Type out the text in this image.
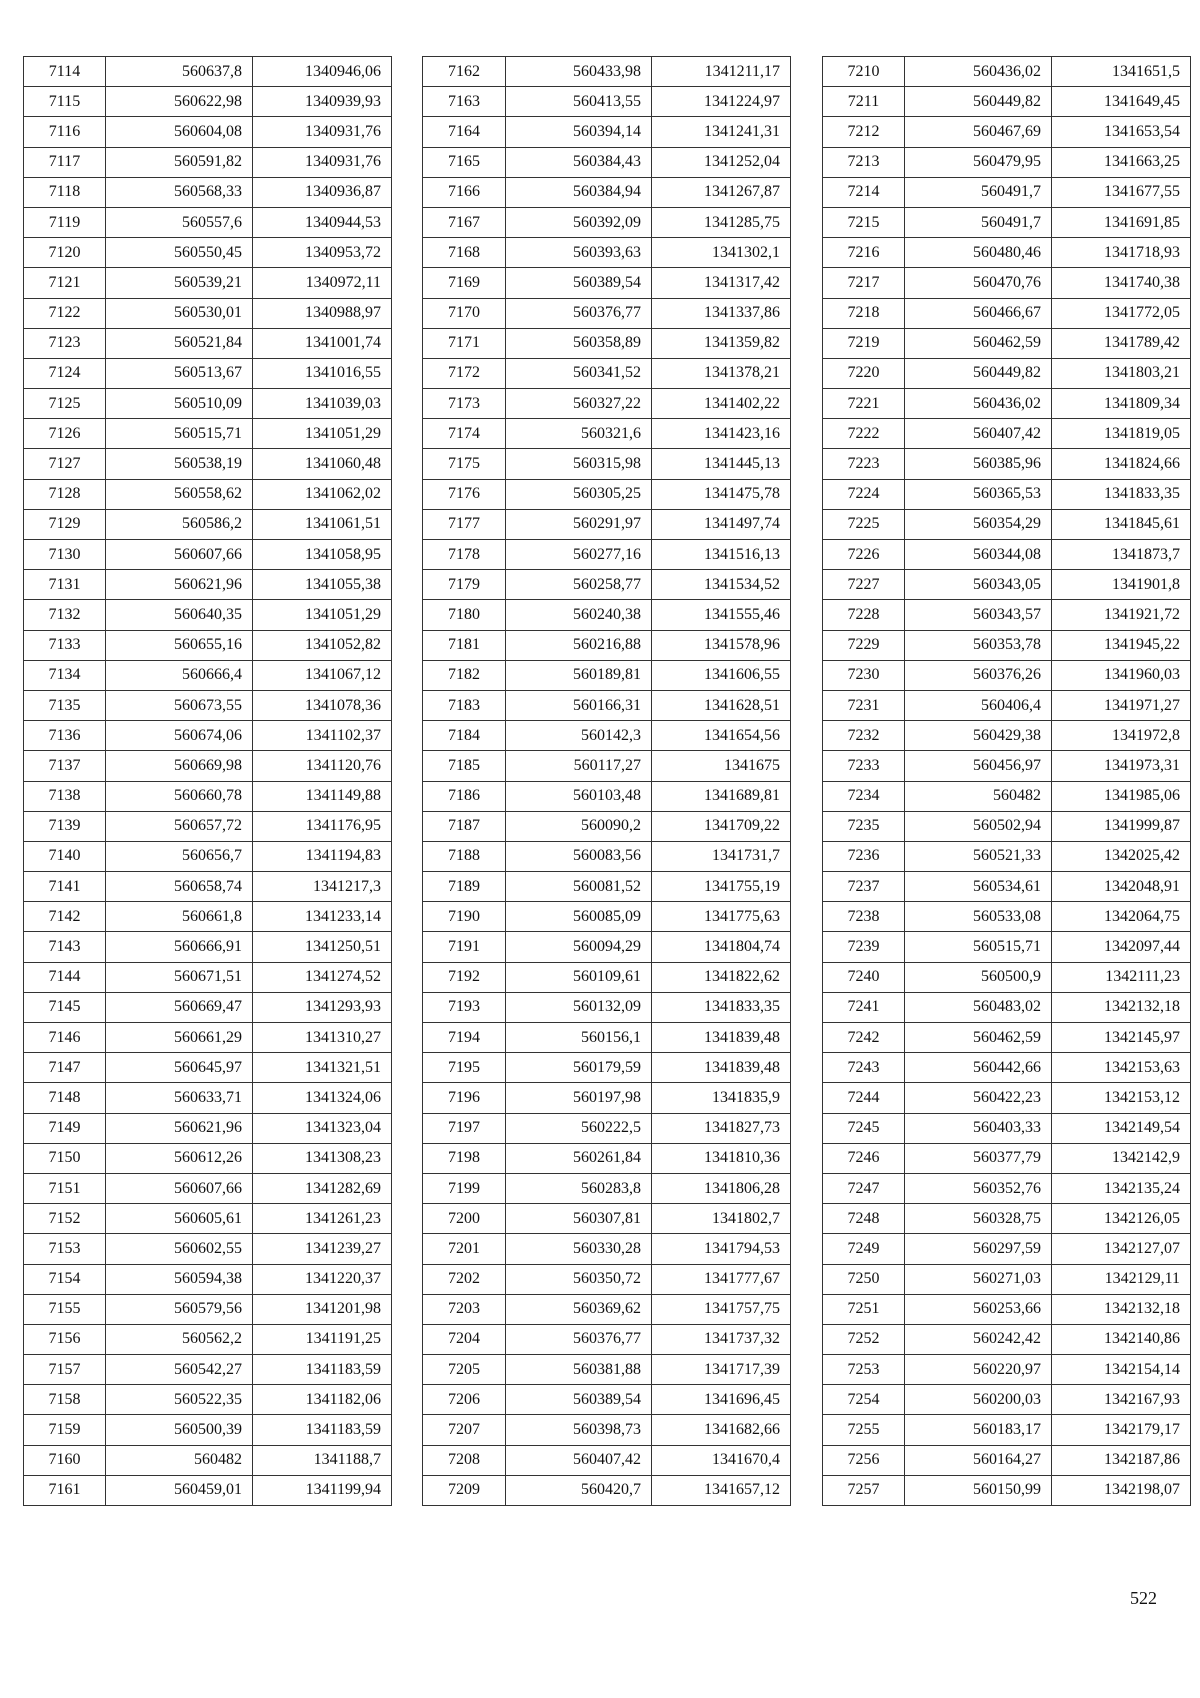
7114	560637,8	1340946,06
7115	560622,98	1340939,93
7116	560604,08	1340931,76
7117	560591,82	1340931,76
7118	560568,33	1340936,87
7119	560557,6	1340944,53
7120	560550,45	1340953,72
7121	560539,21	1340972,11
7122	560530,01	1340988,97
7123	560521,84	1341001,74
7124	560513,67	1341016,55
7125	560510,09	1341039,03
7126	560515,71	1341051,29
7127	560538,19	1341060,48
7128	560558,62	1341062,02
7129	560586,2	1341061,51
7130	560607,66	1341058,95
7131	560621,96	1341055,38
7132	560640,35	1341051,29
7133	560655,16	1341052,82
7134	560666,4	1341067,12
7135	560673,55	1341078,36
7136	560674,06	1341102,37
7137	560669,98	1341120,76
7138	560660,78	1341149,88
7139	560657,72	1341176,95
7140	560656,7	1341194,83
7141	560658,74	1341217,3
7142	560661,8	1341233,14
7143	560666,91	1341250,51
7144	560671,51	1341274,52
7145	560669,47	1341293,93
7146	560661,29	1341310,27
7147	560645,97	1341321,51
7148	560633,71	1341324,06
7149	560621,96	1341323,04
7150	560612,26	1341308,23
7151	560607,66	1341282,69
7152	560605,61	1341261,23
7153	560602,55	1341239,27
7154	560594,38	1341220,37
7155	560579,56	1341201,98
7156	560562,2	1341191,25
7157	560542,27	1341183,59
7158	560522,35	1341182,06
7159	560500,39	1341183,59
7160	560482	1341188,7
7161	560459,01	1341199,94
7162	560433,98	1341211,17
7163	560413,55	1341224,97
7164	560394,14	1341241,31
7165	560384,43	1341252,04
7166	560384,94	1341267,87
7167	560392,09	1341285,75
7168	560393,63	1341302,1
7169	560389,54	1341317,42
7170	560376,77	1341337,86
7171	560358,89	1341359,82
7172	560341,52	1341378,21
7173	560327,22	1341402,22
7174	560321,6	1341423,16
7175	560315,98	1341445,13
7176	560305,25	1341475,78
7177	560291,97	1341497,74
7178	560277,16	1341516,13
7179	560258,77	1341534,52
7180	560240,38	1341555,46
7181	560216,88	1341578,96
7182	560189,81	1341606,55
7183	560166,31	1341628,51
7184	560142,3	1341654,56
7185	560117,27	1341675
7186	560103,48	1341689,81
7187	560090,2	1341709,22
7188	560083,56	1341731,7
7189	560081,52	1341755,19
7190	560085,09	1341775,63
7191	560094,29	1341804,74
7192	560109,61	1341822,62
7193	560132,09	1341833,35
7194	560156,1	1341839,48
7195	560179,59	1341839,48
7196	560197,98	1341835,9
7197	560222,5	1341827,73
7198	560261,84	1341810,36
7199	560283,8	1341806,28
7200	560307,81	1341802,7
7201	560330,28	1341794,53
7202	560350,72	1341777,67
7203	560369,62	1341757,75
7204	560376,77	1341737,32
7205	560381,88	1341717,39
7206	560389,54	1341696,45
7207	560398,73	1341682,66
7208	560407,42	1341670,4
7209	560420,7	1341657,12
7210	560436,02	1341651,5
7211	560449,82	1341649,45
7212	560467,69	1341653,54
7213	560479,95	1341663,25
7214	560491,7	1341677,55
7215	560491,7	1341691,85
7216	560480,46	1341718,93
7217	560470,76	1341740,38
7218	560466,67	1341772,05
7219	560462,59	1341789,42
7220	560449,82	1341803,21
7221	560436,02	1341809,34
7222	560407,42	1341819,05
7223	560385,96	1341824,66
7224	560365,53	1341833,35
7225	560354,29	1341845,61
7226	560344,08	1341873,7
7227	560343,05	1341901,8
7228	560343,57	1341921,72
7229	560353,78	1341945,22
7230	560376,26	1341960,03
7231	560406,4	1341971,27
7232	560429,38	1341972,8
7233	560456,97	1341973,31
7234	560482	1341985,06
7235	560502,94	1341999,87
7236	560521,33	1342025,42
7237	560534,61	1342048,91
7238	560533,08	1342064,75
7239	560515,71	1342097,44
7240	560500,9	1342111,23
7241	560483,02	1342132,18
7242	560462,59	1342145,97
7243	560442,66	1342153,63
7244	560422,23	1342153,12
7245	560403,33	1342149,54
7246	560377,79	1342142,9
7247	560352,76	1342135,24
7248	560328,75	1342126,05
7249	560297,59	1342127,07
7250	560271,03	1342129,11
7251	560253,66	1342132,18
7252	560242,42	1342140,86
7253	560220,97	1342154,14
7254	560200,03	1342167,93
7255	560183,17	1342179,17
7256	560164,27	1342187,86
7257	560150,99	1342198,07
522
